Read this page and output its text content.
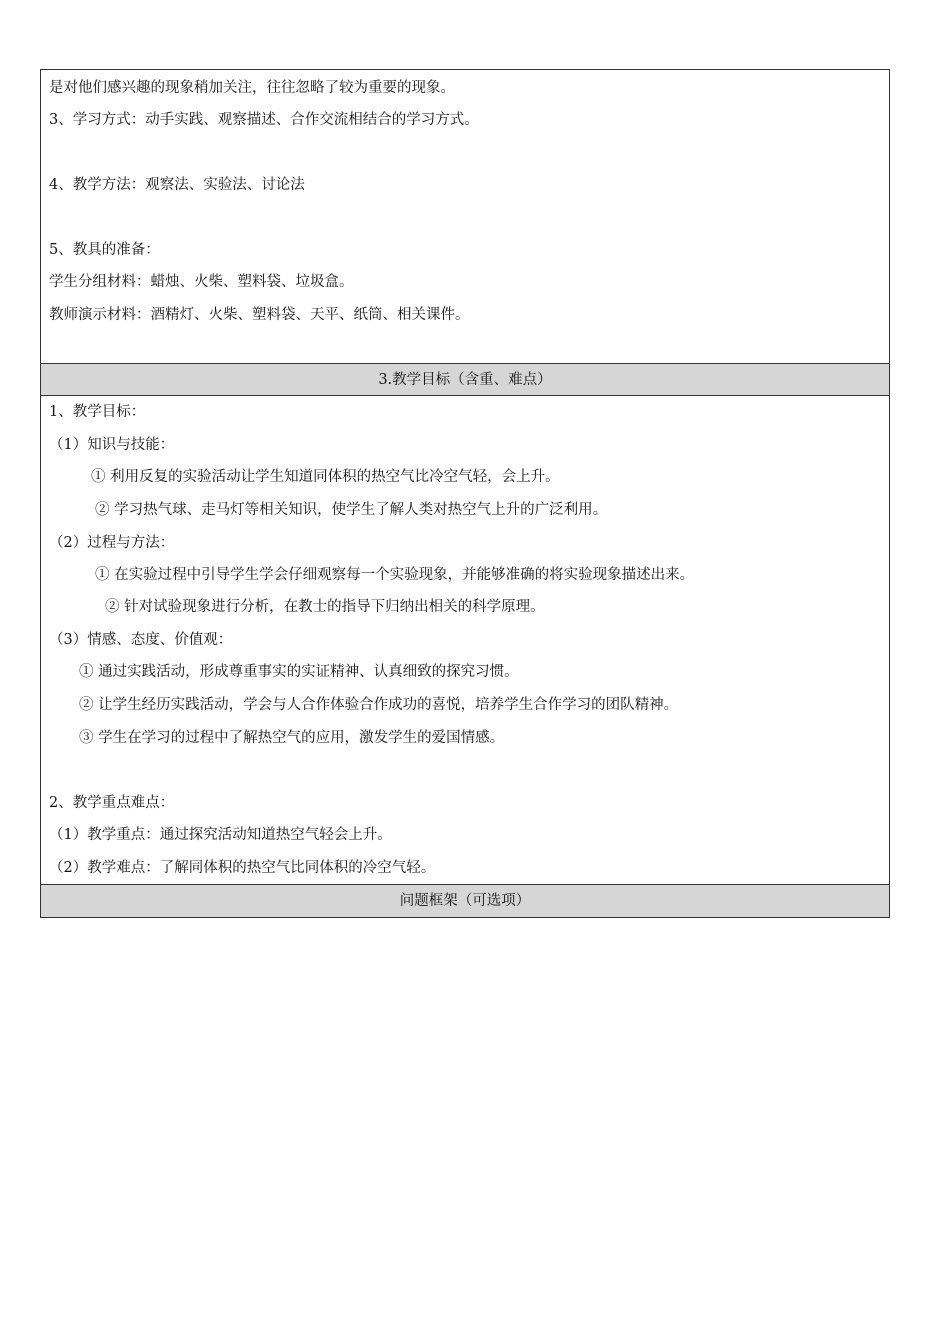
是对他们感兴趣的现象稍加关注，往往忽略了较为重要的现象。
3、学习方式：动手实践、观察描述、合作交流相结合的学习方式。
4、教学方法：观察法、实验法、讨论法
5、教具的准备：
学生分组材料：蜡烛、火柴、塑料袋、垃圾盒。
教师演示材料：酒精灯、火柴、塑料袋、天平、纸筒、相关课件。
3.教学目标（含重、难点）
1、教学目标：
（1）知识与技能：
① 利用反复的实验活动让学生知道同体积的热空气比冷空气轻，会上升。
② 学习热气球、走马灯等相关知识，使学生了解人类对热空气上升的广泛利用。
（2）过程与方法：
① 在实验过程中引导学生学会仔细观察每一个实验现象，并能够准确的将实验现象描述出来。
② 针对试验现象进行分析，在教士的指导下归纳出相关的科学原理。
（3）情感、态度、价值观：
① 通过实践活动，形成尊重事实的实证精神、认真细致的探究习惯。
② 让学生经历实践活动，学会与人合作体验合作成功的喜悦，培养学生合作学习的团队精神。
③ 学生在学习的过程中了解热空气的应用，激发学生的爱国情感。
2、教学重点难点：
（1）教学重点：通过探究活动知道热空气轻会上升。
（2）教学难点：了解同体积的热空气比同体积的冷空气轻。
问题框架（可选项）
